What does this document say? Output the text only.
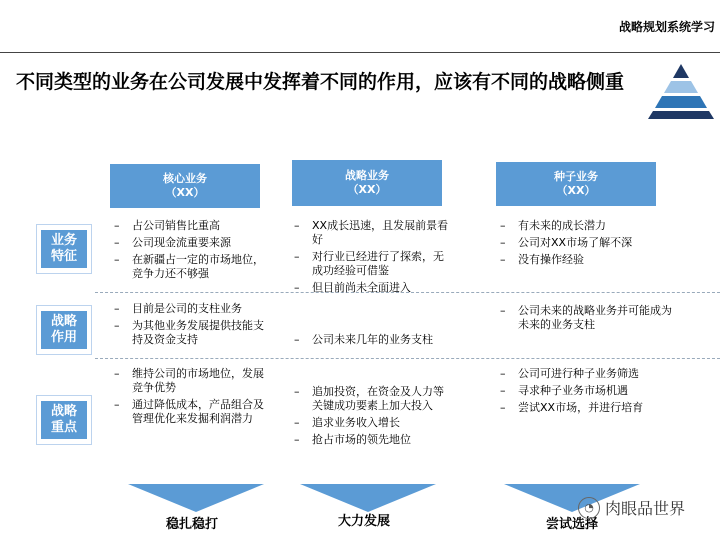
战略规划系统学习
不同类型的业务在公司发展中发挥着不同的作用，应该有不同的战略侧重
核心业务
（XX）
战略业务
（XX）
种子业务
（XX）
业务特征
战略作用
战略重点
– 占公司销售比重高
– 公司现金流重要来源
– 在新疆占一定的市场地位，竞争力还不够强
– XX成长迅速，且发展前景看好
– 对行业已经进行了探索，无成功经验可借鉴
– 但目前尚未全面进入
– 有未来的成长潜力
– 公司对XX市场了解不深
– 没有操作经验
– 目前是公司的支柱业务
– 为其他业务发展提供技能支持及资金支持
–	公司未来几年的业务支柱
– 公司未来的战略业务并可能成为未来的业务支柱
– 维持公司的市场地位，发展竞争优势
– 通过降低成本，产品组合及管理优化来发掘利润潜力
– 追加投资，在资金及人力等关键成功要素上加大投入
– 追求业务收入增长
– 抢占市场的领先地位
– 公司可进行种子业务筛选
– 寻求种子业务市场机遇
– 尝试XX市场，并进行培育
稳扎稳打	大力发展	尝试选择
◔ 肉眼品世界
